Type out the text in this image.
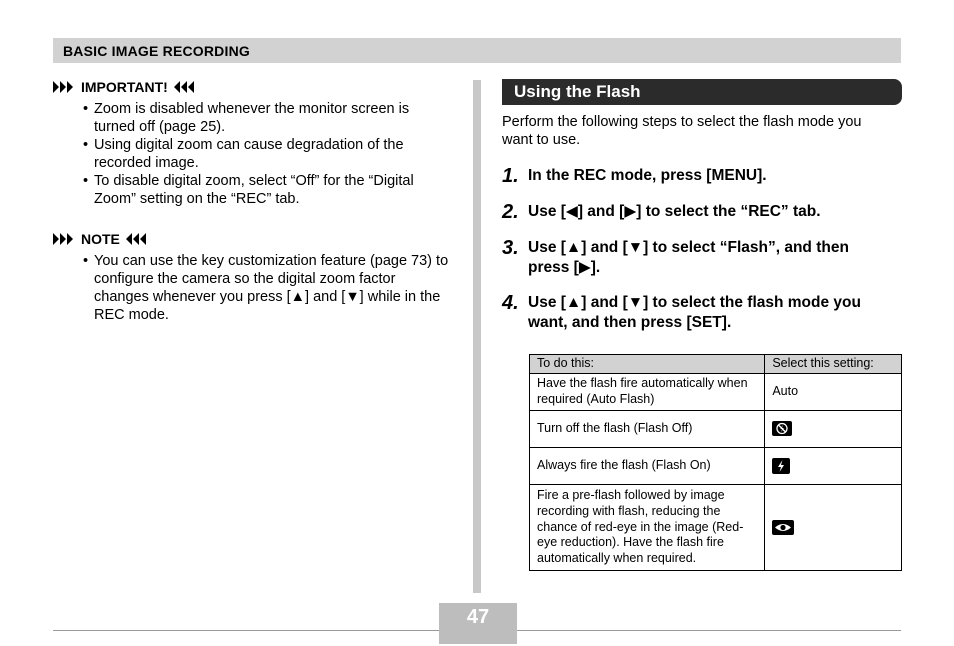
BASIC IMAGE RECORDING
IMPORTANT!
• Zoom is disabled whenever the monitor screen is turned off (page 25).
• Using digital zoom can cause degradation of the recorded image.
• To disable digital zoom, select “Off” for the “Digital Zoom” setting on the “REC” tab.
NOTE
• You can use the key customization feature (page 73) to configure the camera so the digital zoom factor changes whenever you press [▲] and [▼] while in the REC mode.
Using the Flash
Perform the following steps to select the flash mode you want to use.
1. In the REC mode, press [MENU].
2. Use [◀] and [▶] to select the “REC” tab.
3. Use [▲] and [▼] to select “Flash”, and then press [▶].
4. Use [▲] and [▼] to select the flash mode you want, and then press [SET].
To do this:	Select this setting:
Have the flash fire automatically when required (Auto Flash)	Auto
Turn off the flash (Flash Off)	

Always fire the flash (Flash On)	

Fire a pre-flash followed by image recording with flash, reducing the chance of red-eye in the image (Red-eye reduction). Have the flash fire automatically when required.	
47
